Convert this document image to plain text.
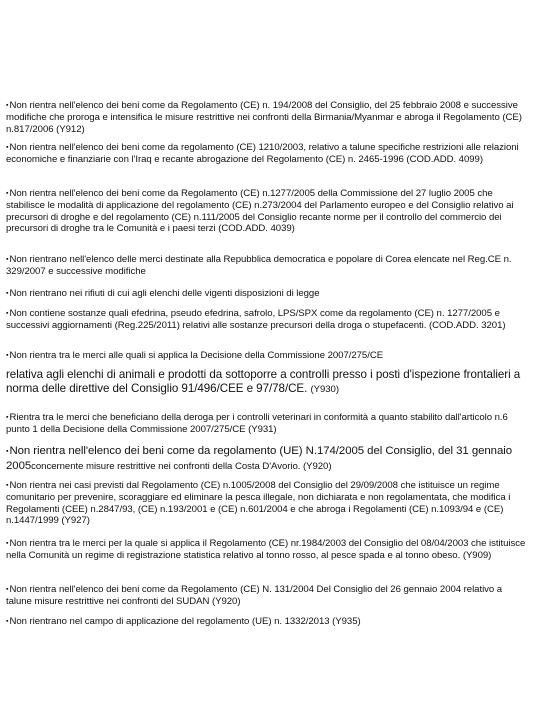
▪Non rientra nell'elenco dei beni come da Regolamento (CE) n. 194/2008 del Consiglio, del 25 febbraio 2008 e successive modifiche che proroga e intensifica le misure restrittive nei confronti della Birmania/Myanmar e abroga il Regolamento (CE) n.817/2006 (Y912)
▪Non rientra nell'elenco dei beni come da regolamento (CE) 1210/2003, relativo a talune specifiche restrizioni alle relazioni economiche e finanziarie con l'Iraq e recante abrogazione del Regolamento (CE) n. 2465-1996 (COD.ADD. 4099)
▪Non rientra nell'elenco dei beni come da Regolamento (CE) n.1277/2005 della Commissione del 27 luglio 2005 che stabilisce le modalità di applicazione del regolamento (CE) n.273/2004 del Parlamento europeo e del Consiglio relativo ai precursori di droghe e del regolamento (CE) n.111/2005 del Consiglio recante norme per il controllo del commercio dei precursori di droghe tra le Comunità e i paesi terzi (COD.ADD. 4039)
▪Non rientrano nell'elenco delle merci destinate alla Repubblica democratica e popolare di Corea elencate nel Reg.CE n. 329/2007 e successive modifiche
▪Non rientrano nei rifiuti di cui agli elenchi delle vigenti disposizioni di legge
▪Non contiene sostanze quali efedrina, pseudo efedrina, safrolo, LPS/SPX come da regolamento (CE) n. 1277/2005 e successivi aggiornamenti (Reg.225/2011) relativi alle sostanze precursori della droga o stupefacenti. (COD.ADD. 3201)
▪Non rientra tra le merci alle quali si applica la Decisione della Commissione 2007/275/CE
relativa agli elenchi di animali e prodotti da sottoporre a controlli presso i posti d'ispezione frontalieri a norma delle direttive del Consiglio 91/496/CEE e 97/78/CE. (Y930)
▪Rientra tra le merci che beneficiano della deroga per i controlli veterinari in conformità a quanto stabilito dall'articolo n.6 punto 1 della Decisione della Commissione 2007/275/CE (Y931)
▪Non rientra nell'elenco dei beni come da regolamento (UE) N.174/2005 del Consiglio, del 31 gennaio 2005concernente misure restrittive nei confronti della Costa D'Avorio. (Y920)
▪Non rientra nei casi previsti dal Regolamento (CE) n.1005/2008 del Consiglio del 29/09/2008 che istituisce un regime comunitario per prevenire, scoraggiare ed eliminare la pesca illegale, non dichiarata e non regolamentata, che modifica i Regolamenti (CEE) n.2847/93, (CE) n.193/2001 e (CE) n.601/2004 e che abroga i Regolamenti (CE) n.1093/94 e (CE) n.1447/1999 (Y927)
▪Non rientra tra le merci per la quale si applica il Regolamento (CE) nr.1984/2003 del Consiglio del 08/04/2003 che istituisce nella Comunità un regime di registrazione statistica relativo al tonno rosso, al pesce spada e al tonno obeso. (Y909)
▪Non rientra nell'elenco dei beni come da Regolamento (CE) N. 131/2004 Del Consiglio del 26 gennaio 2004 relativo a talune misure restrittive nei confronti del SUDAN (Y920)
▪Non rientrano nel campo di applicazione del regolamento (UE) n. 1332/2013 (Y935)
